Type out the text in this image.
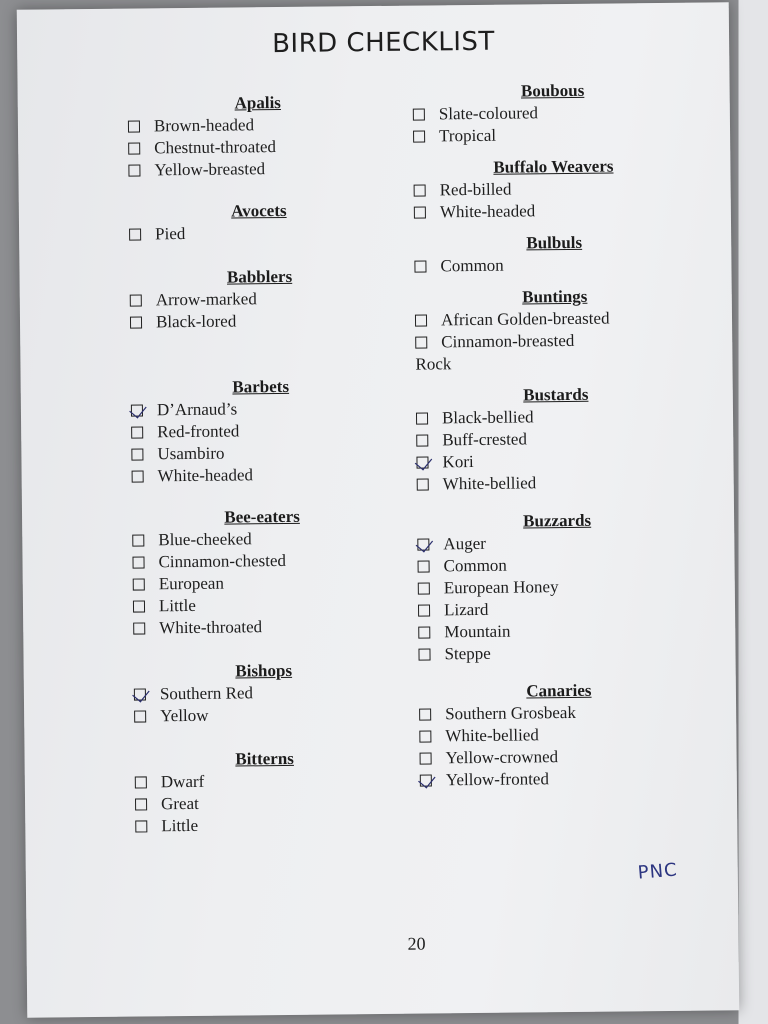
BIRD CHECKLIST
Apalis
Brown-headed
Chestnut-throated
Yellow-breasted
Avocets
Pied
Babblers
Arrow-marked
Black-lored
Barbets
D’Arnaud’s
Red-fronted
Usambiro
White-headed
Bee-eaters
Blue-cheeked
Cinnamon-chested
European
Little
White-throated
Bishops
Southern Red
Yellow
Bitterns
Dwarf
Great
Little
Boubous
Slate-coloured
Tropical
Buffalo Weavers
Red-billed
White-headed
Bulbuls
Common
Buntings
African Golden-breasted
Cinnamon-breasted
Rock
Bustards
Black-bellied
Buff-crested
Kori
White-bellied
Buzzards
Auger
Common
European Honey
Lizard
Mountain
Steppe
Canaries
Southern Grosbeak
White-bellied
Yellow-crowned
Yellow-fronted
20
PNC
